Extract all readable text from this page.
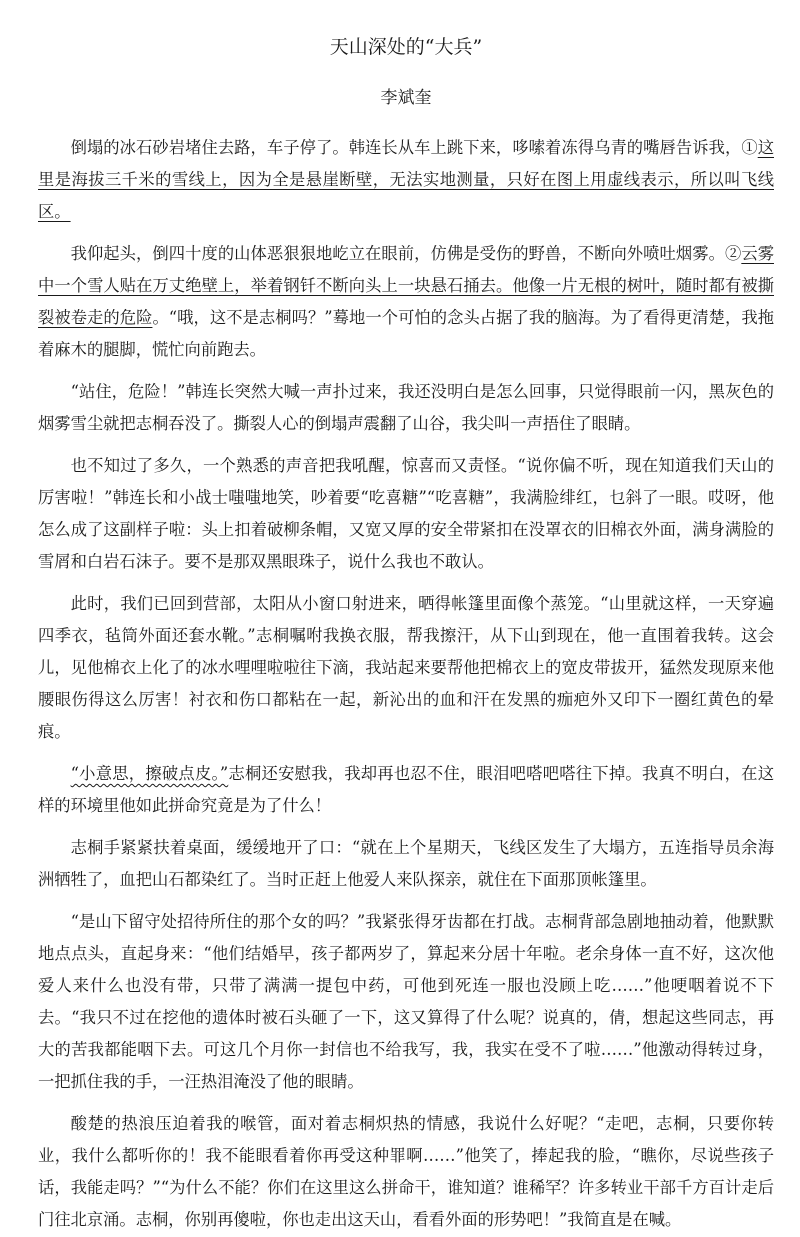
天山深处的“大兵”
李斌奎

倒塌的冰石砂岩堵住去路，车子停了。韩连长从车上跳下来，哆嗦着冻得乌青的嘴唇告诉我，①这里是海拔三千米的雪线上，因为全是悬崖断壁，无法实地测量，只好在图上用虚线表示，所以叫飞线区。

我仰起头，倒四十度的山体恶狠狠地屹立在眼前，仿佛是受伤的野兽，不断向外喷吐烟雾。②云雾中一个雪人贴在万丈绝壁上，举着钢钎不断向头上一块悬石捅去。他像一片无根的树叶，随时都有被撕裂被卷走的危险。“哦，这不是志桐吗？”蓦地一个可怕的念头占据了我的脑海。为了看得更清楚，我拖着麻木的腿脚，慌忙向前跑去。

“站住，危险！”韩连长突然大喊一声扑过来，我还没明白是怎么回事，只觉得眼前一闪，黑灰色的烟雾雪尘就把志桐吞没了。撕裂人心的倒塌声震翻了山谷，我尖叫一声捂住了眼睛。

也不知过了多久，一个熟悉的声音把我吼醒，惊喜而又责怪。“说你偏不听，现在知道我们天山的厉害啦！”韩连长和小战士嗤嗤地笑，吵着要“吃喜糖”“吃喜糖”，我满脸绯红，乜斜了一眼。哎呀，他怎么成了这副样子啦：头上扣着破柳条帽，又宽又厚的安全带紧扣在没罩衣的旧棉衣外面，满身满脸的雪屑和白岩石沫子。要不是那双黑眼珠子，说什么我也不敢认。

此时，我们已回到营部，太阳从小窗口射进来，晒得帐篷里面像个蒸笼。“山里就这样，一天穿遍四季衣，毡筒外面还套水靴。”志桐嘱咐我换衣服，帮我擦汗，从下山到现在，他一直围着我转。这会儿，见他棉衣上化了的冰水哩哩啦啦往下滴，我站起来要帮他把棉衣上的宽皮带拔开，猛然发现原来他腰眼伤得这么厉害！衬衣和伤口都粘在一起，新沁出的血和汗在发黑的痂疤外又印下一圈红黄色的晕痕。

“小意思，擦破点皮。”志桐还安慰我，我却再也忍不住，眼泪吧嗒吧嗒往下掉。我真不明白，在这样的环境里他如此拼命究竟是为了什么！

志桐手紧紧扶着桌面，缓缓地开了口：“就在上个星期天，飞线区发生了大塌方，五连指导员余海洲牺牲了，血把山石都染红了。当时正赶上他爱人来队探亲，就住在下面那顶帐篷里。

“是山下留守处招待所住的那个女的吗？”我紧张得牙齿都在打战。志桐背部急剧地抽动着，他默默地点点头，直起身来：“他们结婚早，孩子都两岁了，算起来分居十年啦。老余身体一直不好，这次他爱人来什么也没有带，只带了满满一提包中药，可他到死连一服也没顾上吃……”他哽咽着说不下去。“我只不过在挖他的遗体时被石头砸了一下，这又算得了什么呢？说真的，倩，想起这些同志，再大的苦我都能咽下去。可这几个月你一封信也不给我写，我，我实在受不了啦……”他激动得转过身，一把抓住我的手，一汪热泪淹没了他的眼睛。

酸楚的热浪压迫着我的喉管，面对着志桐炽热的情感，我说什么好呢？“走吧，志桐，只要你转业，我什么都听你的！我不能眼看着你再受这种罪啊……”他笑了，捧起我的脸，“瞧你，尽说些孩子话，我能走吗？”“为什么不能？你们在这里这么拼命干，谁知道？谁稀罕？许多转业干部千方百计走后门往北京涌。志桐，你别再傻啦，你也走出这天山，看看外面的形势吧！”我简直是在喊。
